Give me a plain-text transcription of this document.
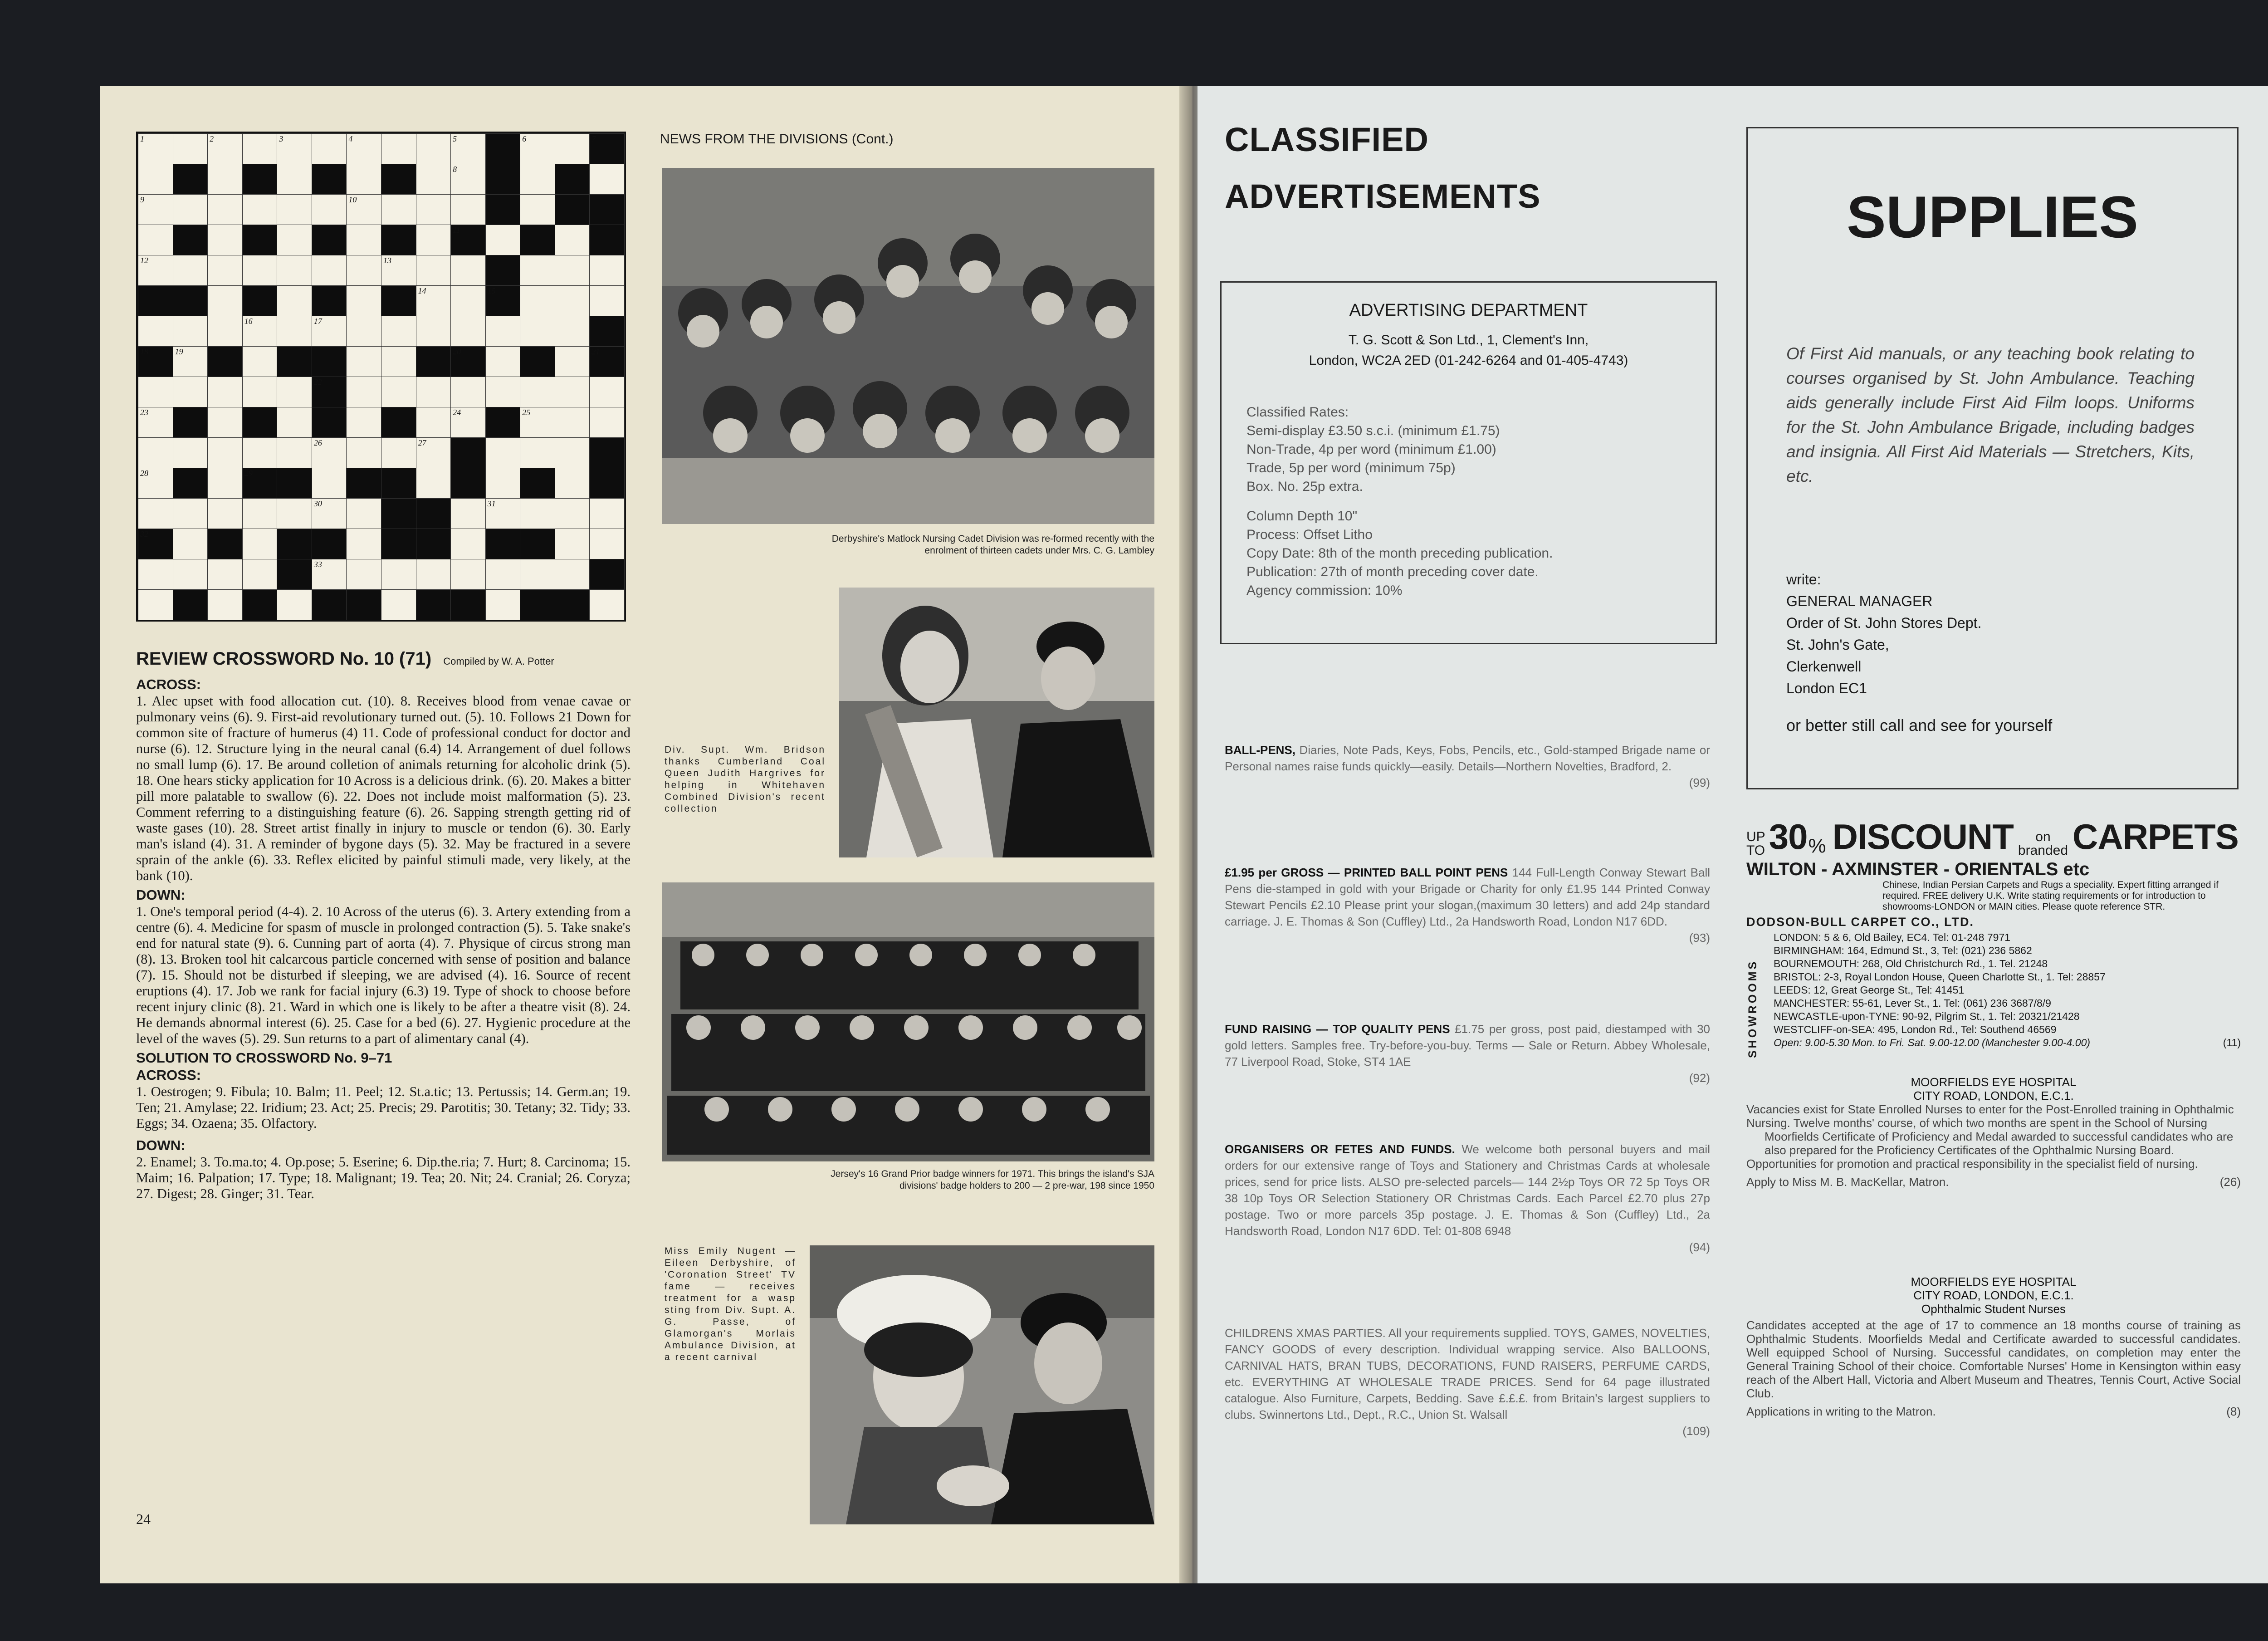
1	2	3	4	5	6	7
8
9	10
11
12	13
14	15
16	17
18	19	20	21
22
23	24	25
26	27
28	29
30	31
32
33
REVIEW CROSSWORD No. 10 (71) Compiled by W. A. Potter
ACROSS:

1. Alec upset with food allocation cut. (10). 8. Receives blood from venae cavae or pulmonary veins (6). 9. First-aid revolutionary turned out. (5). 10. Follows 21 Down for common site of fracture of humerus (4) 11. Code of professional conduct for doctor and nurse (6). 12. Structure lying in the neural canal (6.4) 14. Arrangement of duel follows no small lump (6). 17. Be around colletion of animals returning for alcoholic drink (5). 18. One hears sticky application for 10 Across is a delicious drink. (6). 20. Makes a bitter pill more palatable to swallow (6). 22. Does not include moist malformation (5). 23. Comment referring to a distinguishing feature (6). 26. Sapping strength getting rid of waste gases (10). 28. Street artist finally in injury to muscle or tendon (6). 30. Early man's island (4). 31. A reminder of bygone days (5). 32. May be fractured in a severe sprain of the ankle (6). 33. Reflex elicited by painful stimuli made, very likely, at the bank (10).

DOWN:

1. One's temporal period (4-4). 2. 10 Across of the uterus (6). 3. Artery extending from a centre (6). 4. Medicine for spasm of muscle in prolonged contraction (5). 5. Take snake's end for natural state (9). 6. Cunning part of aorta (4). 7. Physique of circus strong man (8). 13. Broken tool hit calcarcous particle concerned with sense of position and balance (7). 15. Should not be disturbed if sleeping, we are advised (4). 16. Source of recent eruptions (4). 17. Job we rank for facial injury (6.3) 19. Type of shock to choose before recent injury clinic (8). 21. Ward in which one is likely to be after a theatre visit (8). 24. He demands abnormal interest (6). 25. Case for a bed (6). 27. Hygienic procedure at the level of the waves (5). 29. Sun returns to a part of alimentary canal (4).

SOLUTION TO CROSSWORD No. 9–71
ACROSS:

1. Oestrogen; 9. Fibula; 10. Balm; 11. Peel; 12. St.a.tic; 13. Pertussis; 14. Germ.an; 19. Ten; 21. Amylase; 22. Iridium; 23. Act; 25. Precis; 29. Parotitis; 30. Tetany; 32. Tidy; 33. Eggs; 34. Ozaena; 35. Olfactory.

DOWN:

2. Enamel; 3. To.ma.to; 4. Op.pose; 5. Eserine; 6. Dip.the.ria; 7. Hurt; 8. Carcinoma; 15. Maim; 16. Palpation; 17. Type; 18. Malignant; 19. Tea; 20. Nit; 24. Cranial; 26. Coryza; 27. Digest; 28. Ginger; 31. Tear.

24
NEWS FROM THE DIVISIONS (Cont.)
Derbyshire's Matlock Nursing Cadet Division was re-formed recently with the enrolment of thirteen cadets under Mrs. C. G. Lambley
Div. Supt. Wm. Bridson thanks Cumberland Coal Queen Judith Hargrives for helping in Whitehaven Combined Division's recent collection
Jersey's 16 Grand Prior badge winners for 1971. This brings the island's SJA divisions' badge holders to 200 — 2 pre-war, 198 since 1950
Miss Emily Nugent — Eileen Derbyshire, of 'Coronation Street' TV fame — receives treatment for a wasp sting from Div. Supt. A. G. Passe, of Glamorgan's Morlais Ambulance Division, at a recent carnival
CLASSIFIED
ADVERTISEMENTS
ADVERTISING DEPARTMENT
T. G. Scott & Son Ltd., 1, Clement's Inn,
London, WC2A 2ED (01-242-6264 and 01-405-4743)
Classified Rates:
Semi-display £3.50 s.c.i. (minimum £1.75)
Non-Trade, 4p per word (minimum £1.00)
Trade, 5p per word (minimum 75p)
Box. No. 25p extra.
Column Depth 10"
Process: Offset Litho
Copy Date: 8th of the month preceding publication.
Publication: 27th of month preceding cover date.
Agency commission: 10%
BALL-PENS, Diaries, Note Pads, Keys, Fobs, Pencils, etc., Gold-stamped Brigade name or Personal names raise funds quickly—easily. Details—Northern Novelties, Bradford, 2.
(99)
£1.95 per GROSS — PRINTED BALL POINT PENS 144 Full-Length Conway Stewart Ball Pens die-stamped in gold with your Brigade or Charity for only £1.95 144 Printed Conway Stewart Pencils £2.10 Please print your slogan,(maximum 30 letters) and add 24p standard carriage. J. E. Thomas & Son (Cuffley) Ltd., 2a Handsworth Road, London N17 6DD.
(93)
FUND RAISING — TOP QUALITY PENS £1.75 per gross, post paid, diestamped with 30 gold letters. Samples free. Try-before-you-buy. Terms — Sale or Return. Abbey Wholesale, 77 Liverpool Road, Stoke, ST4 1AE
(92)
ORGANISERS OR FETES AND FUNDS. We welcome both personal buyers and mail orders for our extensive range of Toys and Stationery and Christmas Cards at wholesale prices, send for price lists. ALSO pre-selected parcels— 144 2½p Toys OR 72 5p Toys OR 38 10p Toys OR Selection Stationery OR Christmas Cards. Each Parcel £2.70 plus 27p postage. Two or more parcels 35p postage. J. E. Thomas & Son (Cuffley) Ltd., 2a Handsworth Road, London N17 6DD. Tel: 01-808 6948
(94)
CHILDRENS XMAS PARTIES. All your requirements supplied. TOYS, GAMES, NOVELTIES, FANCY GOODS of every description. Individual wrapping service. Also BALLOONS, CARNIVAL HATS, BRAN TUBS, DECORATIONS, FUND RAISERS, PERFUME CARDS, etc. EVERYTHING AT WHOLESALE TRADE PRICES. Send for 64 page illustrated catalogue. Also Furniture, Carpets, Bedding. Save £.£.£. from Britain's largest suppliers to clubs. Swinnertons Ltd., Dept., R.C., Union St. Walsall
(109)
SUPPLIES
Of First Aid manuals, or any teaching book relating to courses organised by St. John Ambulance. Teaching aids generally include First Aid Film loops. Uniforms for the St. John Ambulance Brigade, including badges and insignia. All First Aid Materials — Stretchers, Kits, etc.
write:
GENERAL MANAGER
Order of St. John Stores Dept.
St. John's Gate,
Clerkenwell
London EC1
or better still call and see for yourself
UP
TO 30 % DISCOUNT	on
branded CARPETS
WILTON - AXMINSTER - ORIENTALS etc
Chinese, Indian Persian Carpets and Rugs a speciality. Expert fitting arranged if required. FREE delivery U.K. Write stating requirements or for introduction to showrooms-LONDON or MAIN cities. Please quote reference STR.
DODSON-BULL CARPET CO., LTD.
SHOWROOMS
LONDON: 5 & 6, Old Bailey, EC4. Tel: 01-248 7971
BIRMINGHAM: 164, Edmund St., 3, Tel: (021) 236 5862
BOURNEMOUTH: 268, Old Christchurch Rd., 1. Tel. 21248
BRISTOL: 2-3, Royal London House, Queen Charlotte St., 1. Tel: 28857
LEEDS: 12, Great George St., Tel: 41451
MANCHESTER: 55-61, Lever St., 1. Tel: (061) 236 3687/8/9
NEWCASTLE-upon-TYNE: 90-92, Pilgrim St., 1. Tel: 20321/21428
WESTCLIFF-on-SEA: 495, London Rd., Tel: Southend 46569
Open: 9.00-5.30 Mon. to Fri. Sat. 9.00-12.00 (Manchester 9.00-4.00)	(11)
MOORFIELDS EYE HOSPITAL
CITY ROAD, LONDON, E.C.1.
Vacancies exist for State Enrolled Nurses to enter for the Post-Enrolled training in Ophthalmic Nursing. Twelve months' course, of which two months are spent in the School of Nursing
Moorfields Certificate of Proficiency and Medal awarded to successful candidates who are also prepared for the Proficiency Certificates of the Ophthalmic Nursing Board.
Opportunities for promotion and practical responsibility in the specialist field of nursing.
Apply to Miss M. B. MacKellar, Matron.	(26)
MOORFIELDS EYE HOSPITAL
CITY ROAD, LONDON, E.C.1.
Ophthalmic Student Nurses
Candidates accepted at the age of 17 to commence an 18 months course of training as Ophthalmic Students. Moorfields Medal and Certificate awarded to successful candidates. Well equipped School of Nursing. Successful candidates, on completion may enter the General Training School of their choice. Comfortable Nurses' Home in Kensington within easy reach of the Albert Hall, Victoria and Albert Museum and Theatres, Tennis Court, Active Social Club.
Applications in writing to the Matron.	(8)
